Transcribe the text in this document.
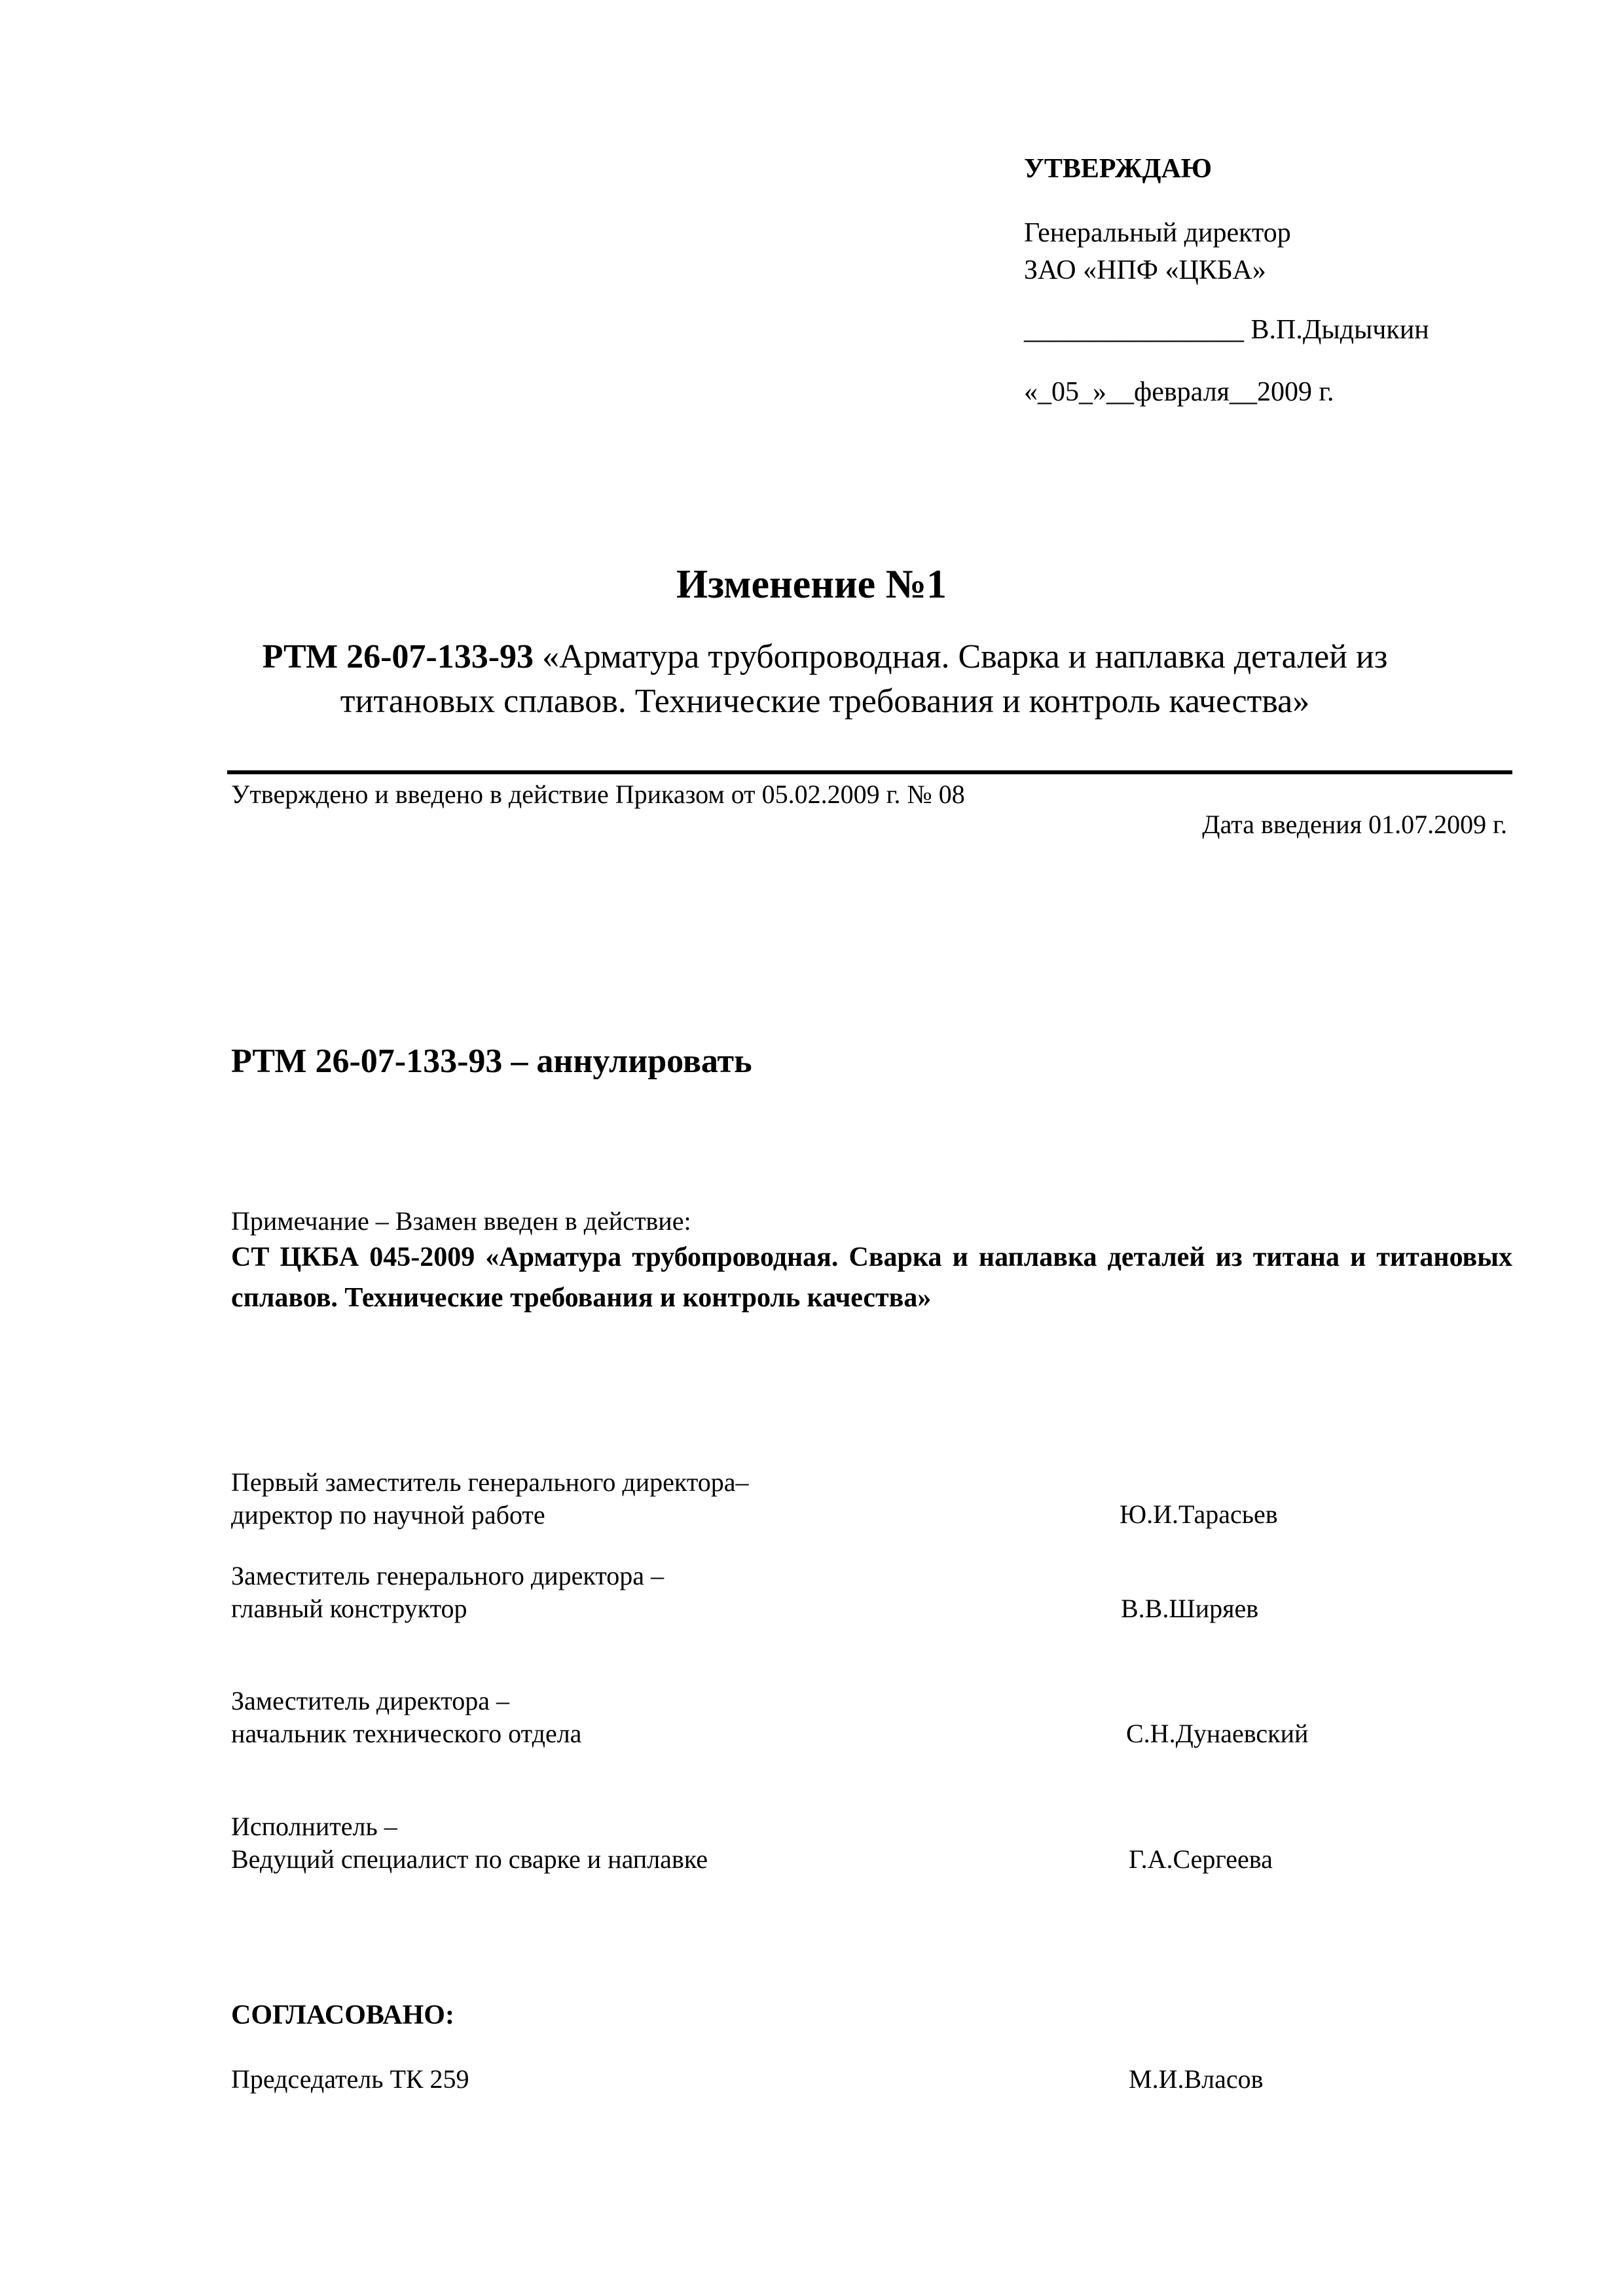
УТВЕРЖДАЮ
Генеральный директор
ЗАО «НПФ «ЦКБА»
________________ В.П.Дыдычкин
«_05_»__февраля__2009 г.
Изменение №1
РТМ 26-07-133-93 «Арматура трубопроводная. Сварка и наплавка деталей из титановых сплавов. Технические требования и контроль качества»
Утверждено и введено в действие Приказом от 05.02.2009 г. № 08
Дата введения 01.07.2009 г.
РТМ 26-07-133-93 – аннулировать
Примечание – Взамен введен в действие:
СТ ЦКБА 045-2009 «Арматура трубопроводная. Сварка и наплавка деталей из титана и титановых сплавов. Технические требования и контроль качества»
Первый заместитель генерального директора–
директор по научной работе	Ю.И.Тарасьев
Заместитель генерального директора –
главный конструктор	В.В.Ширяев
Заместитель директора –
начальник технического отдела	С.Н.Дунаевский
Исполнитель –
Ведущий специалист по сварке и наплавке	Г.А.Сергеева
СОГЛАСОВАНО:
Председатель ТК 259	М.И.Власов
